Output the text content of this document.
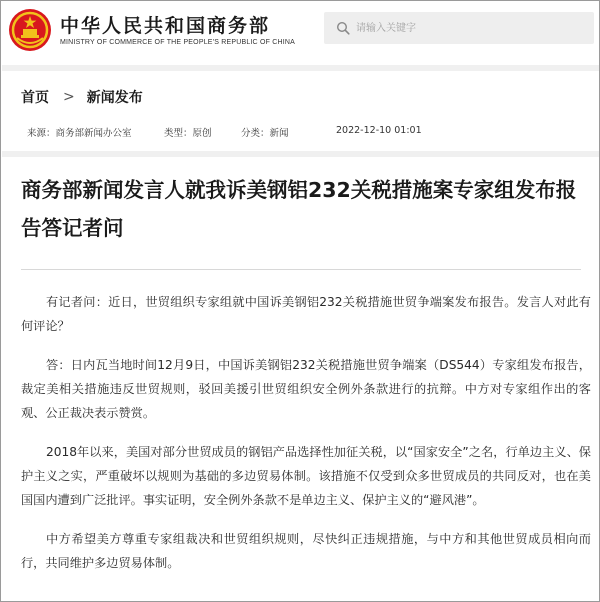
中华人民共和国商务部
MINISTRY OF COMMERCE OF THE PEOPLE'S REPUBLIC OF CHINA
请输入关键字
首页 > 新闻发布
来源：商务部新闻办公室	类型：原创	分类：新闻	2022-12-10 01:01
商务部新闻发言人就我诉美钢铝232关税措施案专家组发布报告答记者问

有记者问：近日，世贸组织专家组就中国诉美钢铝232关税措施世贸争端案发布报告。发言人对此有何评论？

答：日内瓦当地时间12月9日，中国诉美钢铝232关税措施世贸争端案（DS544）专家组发布报告，裁定美相关措施违反世贸规则，驳回美援引世贸组织安全例外条款进行的抗辩。中方对专家组作出的客观、公正裁决表示赞赏。

2018年以来，美国对部分世贸成员的钢铝产品选择性加征关税，以“国家安全”之名，行单边主义、保护主义之实，严重破坏以规则为基础的多边贸易体制。该措施不仅受到众多世贸成员的共同反对，也在美国国内遭到广泛批评。事实证明，安全例外条款不是单边主义、保护主义的“避风港”。

中方希望美方尊重专家组裁决和世贸组织规则，尽快纠正违规措施，与中方和其他世贸成员相向而行，共同维护多边贸易体制。
